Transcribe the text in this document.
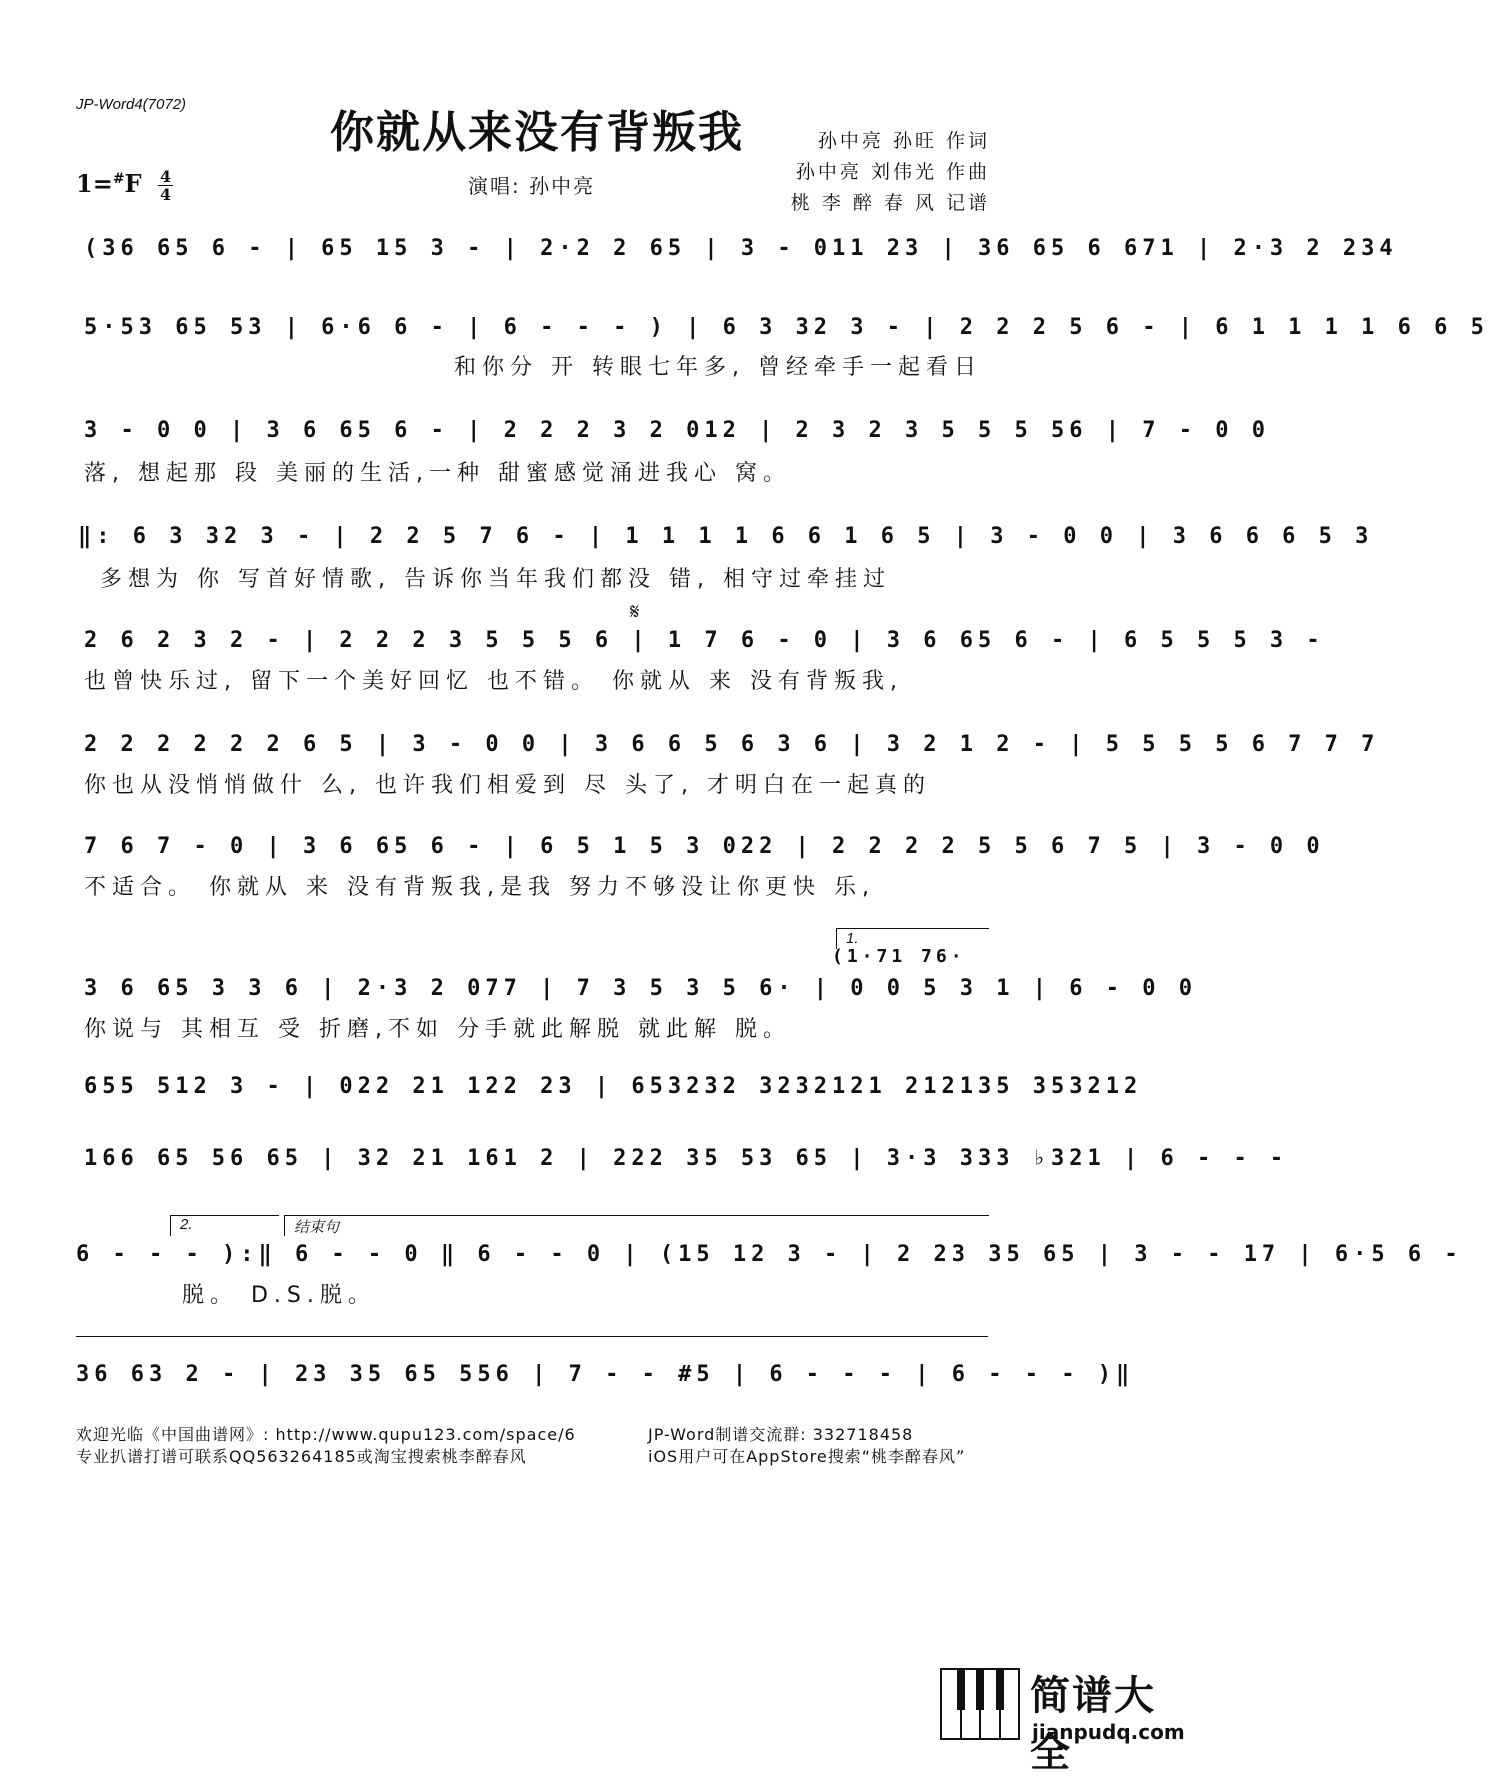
JP-Word4(7072)
你就从来没有背叛我	孙中亮 孙旺 作词
孙中亮 刘伟光 作曲
桃 李 醉 春 风 记谱
$1=^{\#}F \frac{4}{4}$	演唱: 孙中亮
(36 65 6 - | 65 15 3 - | 2·2 2 65 | 3 - 011 23 | 36 65 6 671 | 2·3 2 234
5·53 65 53 | 6·6 6 - | 6 - - - ) | 6 3 32 3 - | 2 2 2 5 6 - | 6 1 1 1 1 6 6 5
和你分 开 转眼七年多, 曾经牵手一起看日
3 - 0 0 | 3 6 65 6 - | 2 2 2 3 2 012 | 2 3 2 3 5 5 5 56 | 7 - 0 0
落, 想起那 段 美丽的生活,一种 甜蜜感觉涌进我心 窝。
‖: 6 3 32 3 - | 2 2 5 7 6 - | 1 1 1 1 6 6 1 6 5 | 3 - 0 0 | 3 6 6 6 5 3
多想为 你 写首好情歌, 告诉你当年我们都没 错, 相守过牵挂过
𝄋
2 6 2 3 2 - | 2 2 2 3 5 5 5 6 | 1 7 6 - 0 | 3 6 65 6 - | 6 5 5 5 3 -
也曾快乐过, 留下一个美好回忆 也不错。 你就从 来 没有背叛我,
2 2 2 2 2 2 6 5 | 3 - 0 0 | 3 6 6 5 6 3 6 | 3 2 1 2 - | 5 5 5 5 6 7 7 7
你也从没悄悄做什 么, 也许我们相爱到 尽 头了, 才明白在一起真的
7 6 7 - 0 | 3 6 65 6 - | 6 5 1 5 3 022 | 2 2 2 2 5 5 6 7 5 | 3 - 0 0
不适合。 你就从 来 没有背叛我,是我 努力不够没让你更快 乐,
1.
(1·71 76·
3 6 65 3 3 6 | 2·3 2 077 | 7 3 5 3 5 6· | 0 0 5 3 1 | 6 - 0 0
你说与 其相互 受 折磨,不如 分手就此解脱 就此解 脱。
655 512 3 - | 022 21 122 23 | 653232 3232121 212135 353212
166 65 56 65 | 32 21 161 2 | 222 35 53 65 | 3·3 333 ♭321 | 6 - - -
2.	结束句
6 - - - ):‖ 6 - - 0 ‖ 6 - - 0 | (15 12 3 - | 2 23 35 65 | 3 - - 17 | 6·5 6 -
脱。 D.S.脱。
36 63 2 - | 23 35 65 556 | 7 - - #5 | 6 - - - | 6 - - - )‖
欢迎光临《中国曲谱网》: http://www.qupu123.com/space/6
专业扒谱打谱可联系QQ563264185或淘宝搜索桃李醉春风
JP-Word制谱交流群: 332718458
iOS用户可在AppStore搜索“桃李醉春风”
简谱大全
jianpudq.com
